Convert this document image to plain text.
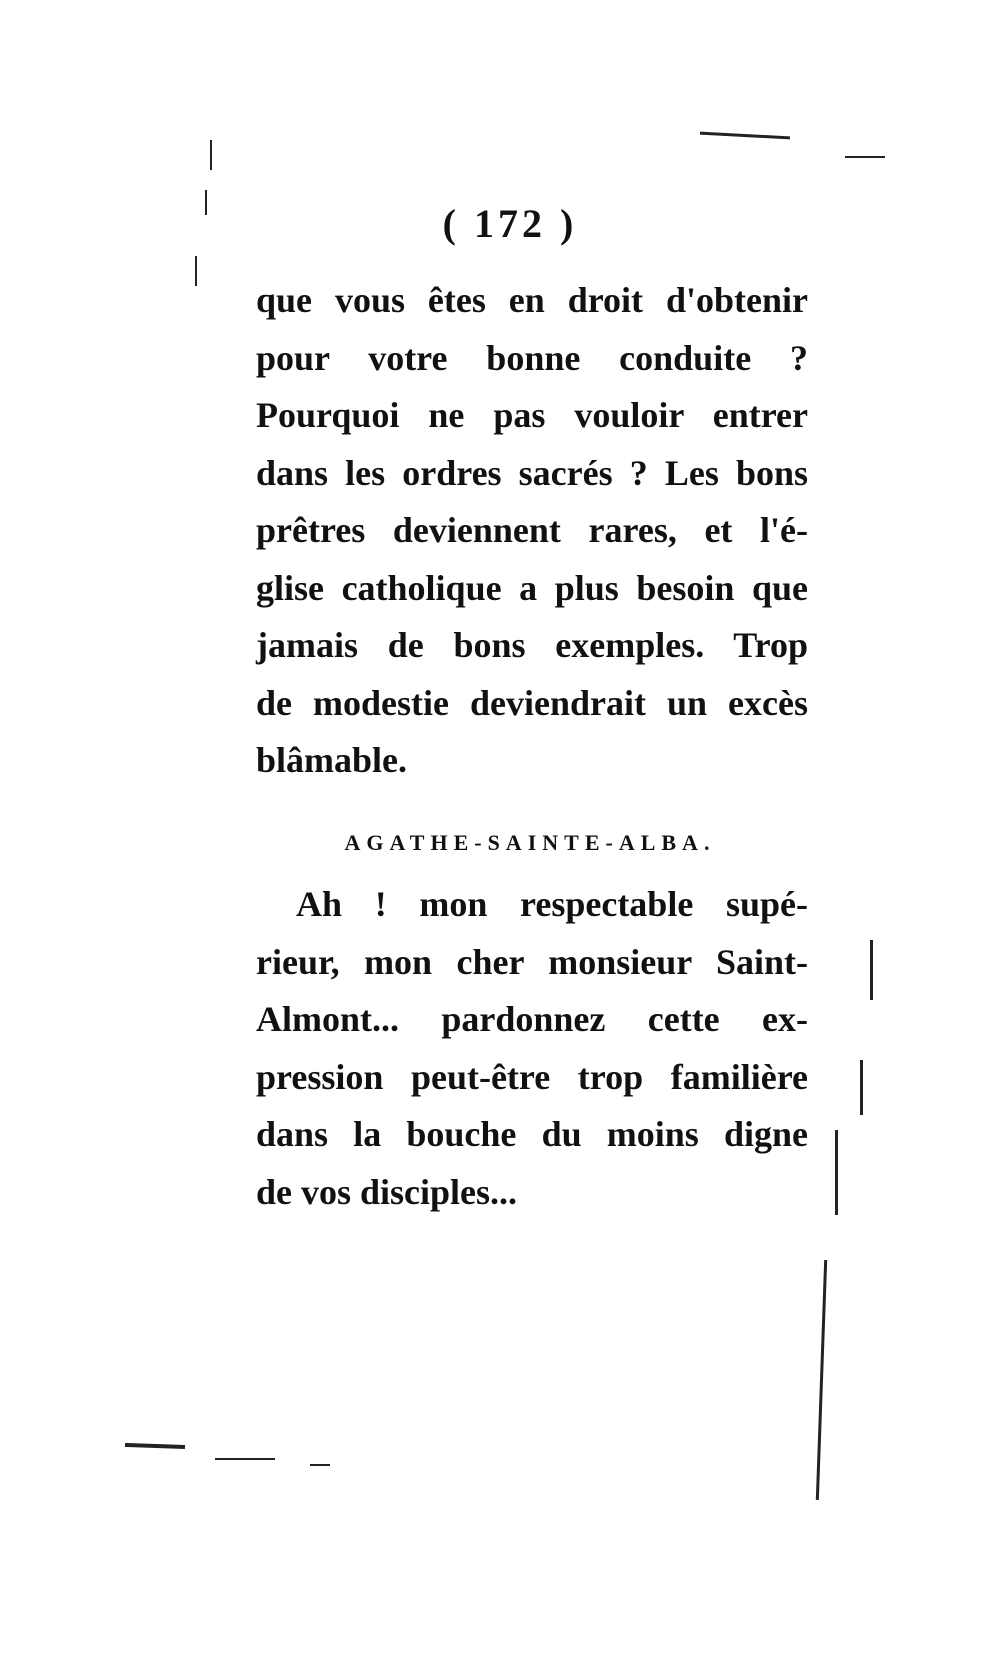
( 172 )
que vous êtes en droit d'obtenir
pour votre bonne conduite ?
Pourquoi ne pas vouloir entrer
dans les ordres sacrés ? Les bons
prêtres deviennent rares, et l'é-
glise catholique a plus besoin que
jamais de bons exemples. Trop
de modestie deviendrait un excès
blâmable.
AGATHE-SAINTE-ALBA.
Ah ! mon respectable supé-
rieur, mon cher monsieur Saint-
Almont... pardonnez cette ex-
pression peut-être trop familière
dans la bouche du moins digne
de vos disciples...
